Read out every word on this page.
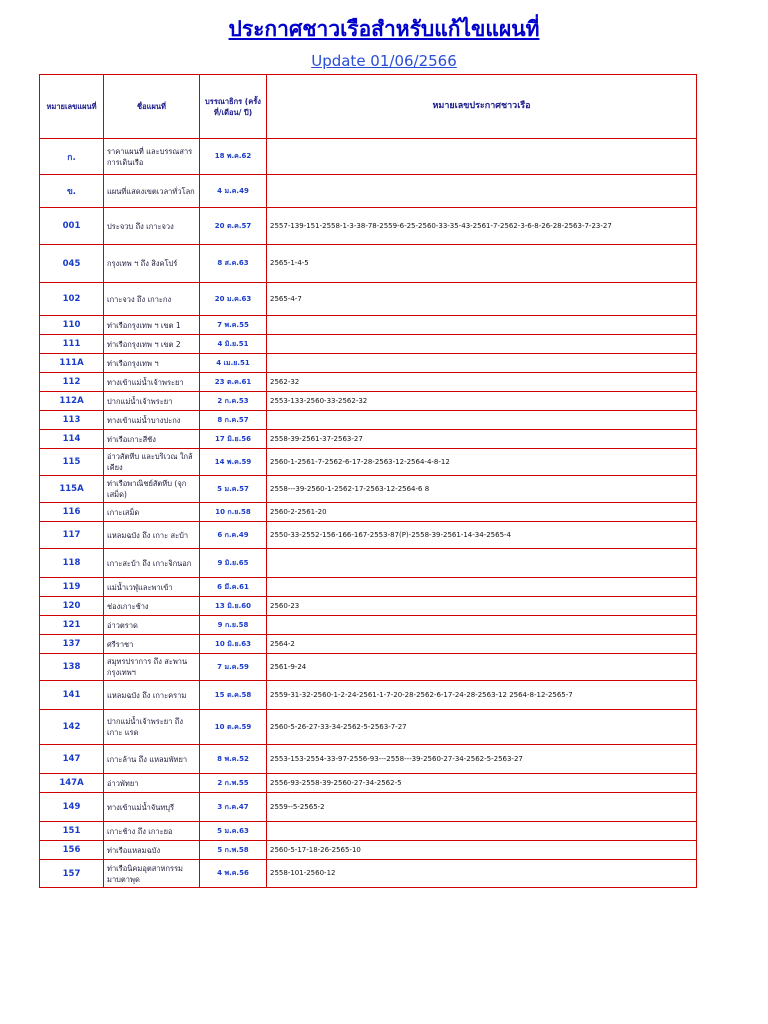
ประกาศชาวเรือสำหรับแก้ไขแผนที่
Update 01/06/2566
หมายเลขแผนที่	ชื่อแผนที่	บรรณาธิกร (ครั้งที่/เดือน/ ปี)	หมายเลขประกาศชาวเรือ
ก.	ราคาแผนที่ และบรรณสาร การเดินเรือ	18 พ.ค.62	
ข.	แผนที่แสดงเขตเวลาทั่วโลก	4 ม.ค.49	
001	ประจวบ ถึง เกาะจวง	20 ต.ค.57	2557-139-151-2558-1-3-38-78-2559-6-25-2560-33-35-43-2561-7-2562-3-6-8-26-28-2563-7-23-27
045	กรุงเทพ ฯ ถึง สิงคโปร์	8 ส.ค.63	2565-1-4-5
102	เกาะจวง ถึง เกาะกง	20 ม.ค.63	2565-4-7
110	ท่าเรือกรุงเทพ ฯ เขต 1	7 พ.ค.55	
111	ท่าเรือกรุงเทพ ฯ เขต 2	4 มิ.ย.51	
111A	ท่าเรือกรุงเทพ ฯ	4 เม.ย.51	
112	ทางเข้าแม่น้ำเจ้าพระยา	23 ต.ค.61	2562-32
112A	ปากแม่น้ำเจ้าพระยา	2 ก.ค.53	2553-133-2560-33-2562-32
113	ทางเข้าแม่น้ำบางปะกง	8 ก.ค.57	
114	ท่าเรือเกาะสีชัง	17 มิ.ย.56	2558-39-2561-37-2563-27
115	อ่าวสัตหีบ และบริเวณ ใกล้เคียง	14 พ.ค.59	2560-1-2561-7-2562-6-17-28-2563-12-2564-4-8-12
115A	ท่าเรือพาณิชย์สัตหีบ (จุกเสม็ด)	5 ม.ค.57	2558---39-2560-1-2562-17-2563-12-2564-6 8
116	เกาะเสม็ด	10 ก.ย.58	2560-2-2561-20
117	แหลมฉบัง ถึง เกาะ สะบ้า	6 ก.ค.49	2550-33-2552-156-166-167-2553-87(P)-2558-39-2561-14-34-2565-4
118	เกาะสะบ้า ถึง เกาะจิกนอก	9 มิ.ย.65	
119	แม่น้ำเวฬุและพาเข้า	6 มี.ค.61	
120	ช่องเกาะช้าง	13 มิ.ย.60	2560-23
121	อ่าวตราด	9 ก.ย.58	
137	ศรีราชา	10 มิ.ย.63	2564-2
138	สมุทรปราการ ถึง สะพานกรุงเทพฯ	7 ม.ค.59	2561-9-24
141	แหลมฉบัง ถึง เกาะคราม	15 ต.ค.58	2559-31-32-2560-1-2-24-2561-1-7-20-28-2562-6-17-24-28-2563-12 2564-8-12-2565-7
142	ปากแม่น้ำเจ้าพระยา ถึงเกาะ แรด	10 ต.ค.59	2560-5-26-27-33-34-2562-5-2563-7-27
147	เกาะล้าน ถึง แหลมพัทยา	8 พ.ค.52	2553-153-2554-33-97-2556-93---2558---39-2560-27-34-2562-5-2563-27
147A	อ่าวพัทยา	2 ก.พ.55	2556-93-2558-39-2560-27-34-2562-5
149	ทางเข้าแม่น้ำจันทบุรี	3 ก.ค.47	2559--5-2565-2
151	เกาะช้าง ถึง เกาะยอ	5 ม.ค.63	
156	ท่าเรือแหลมฉบัง	5 ก.พ.58	2560-5-17-18-26-2565-10
157	ท่าเรือนิคมอุตสาหกรรม มาบตาพุด	4 พ.ค.56	2558-101-2560-12
